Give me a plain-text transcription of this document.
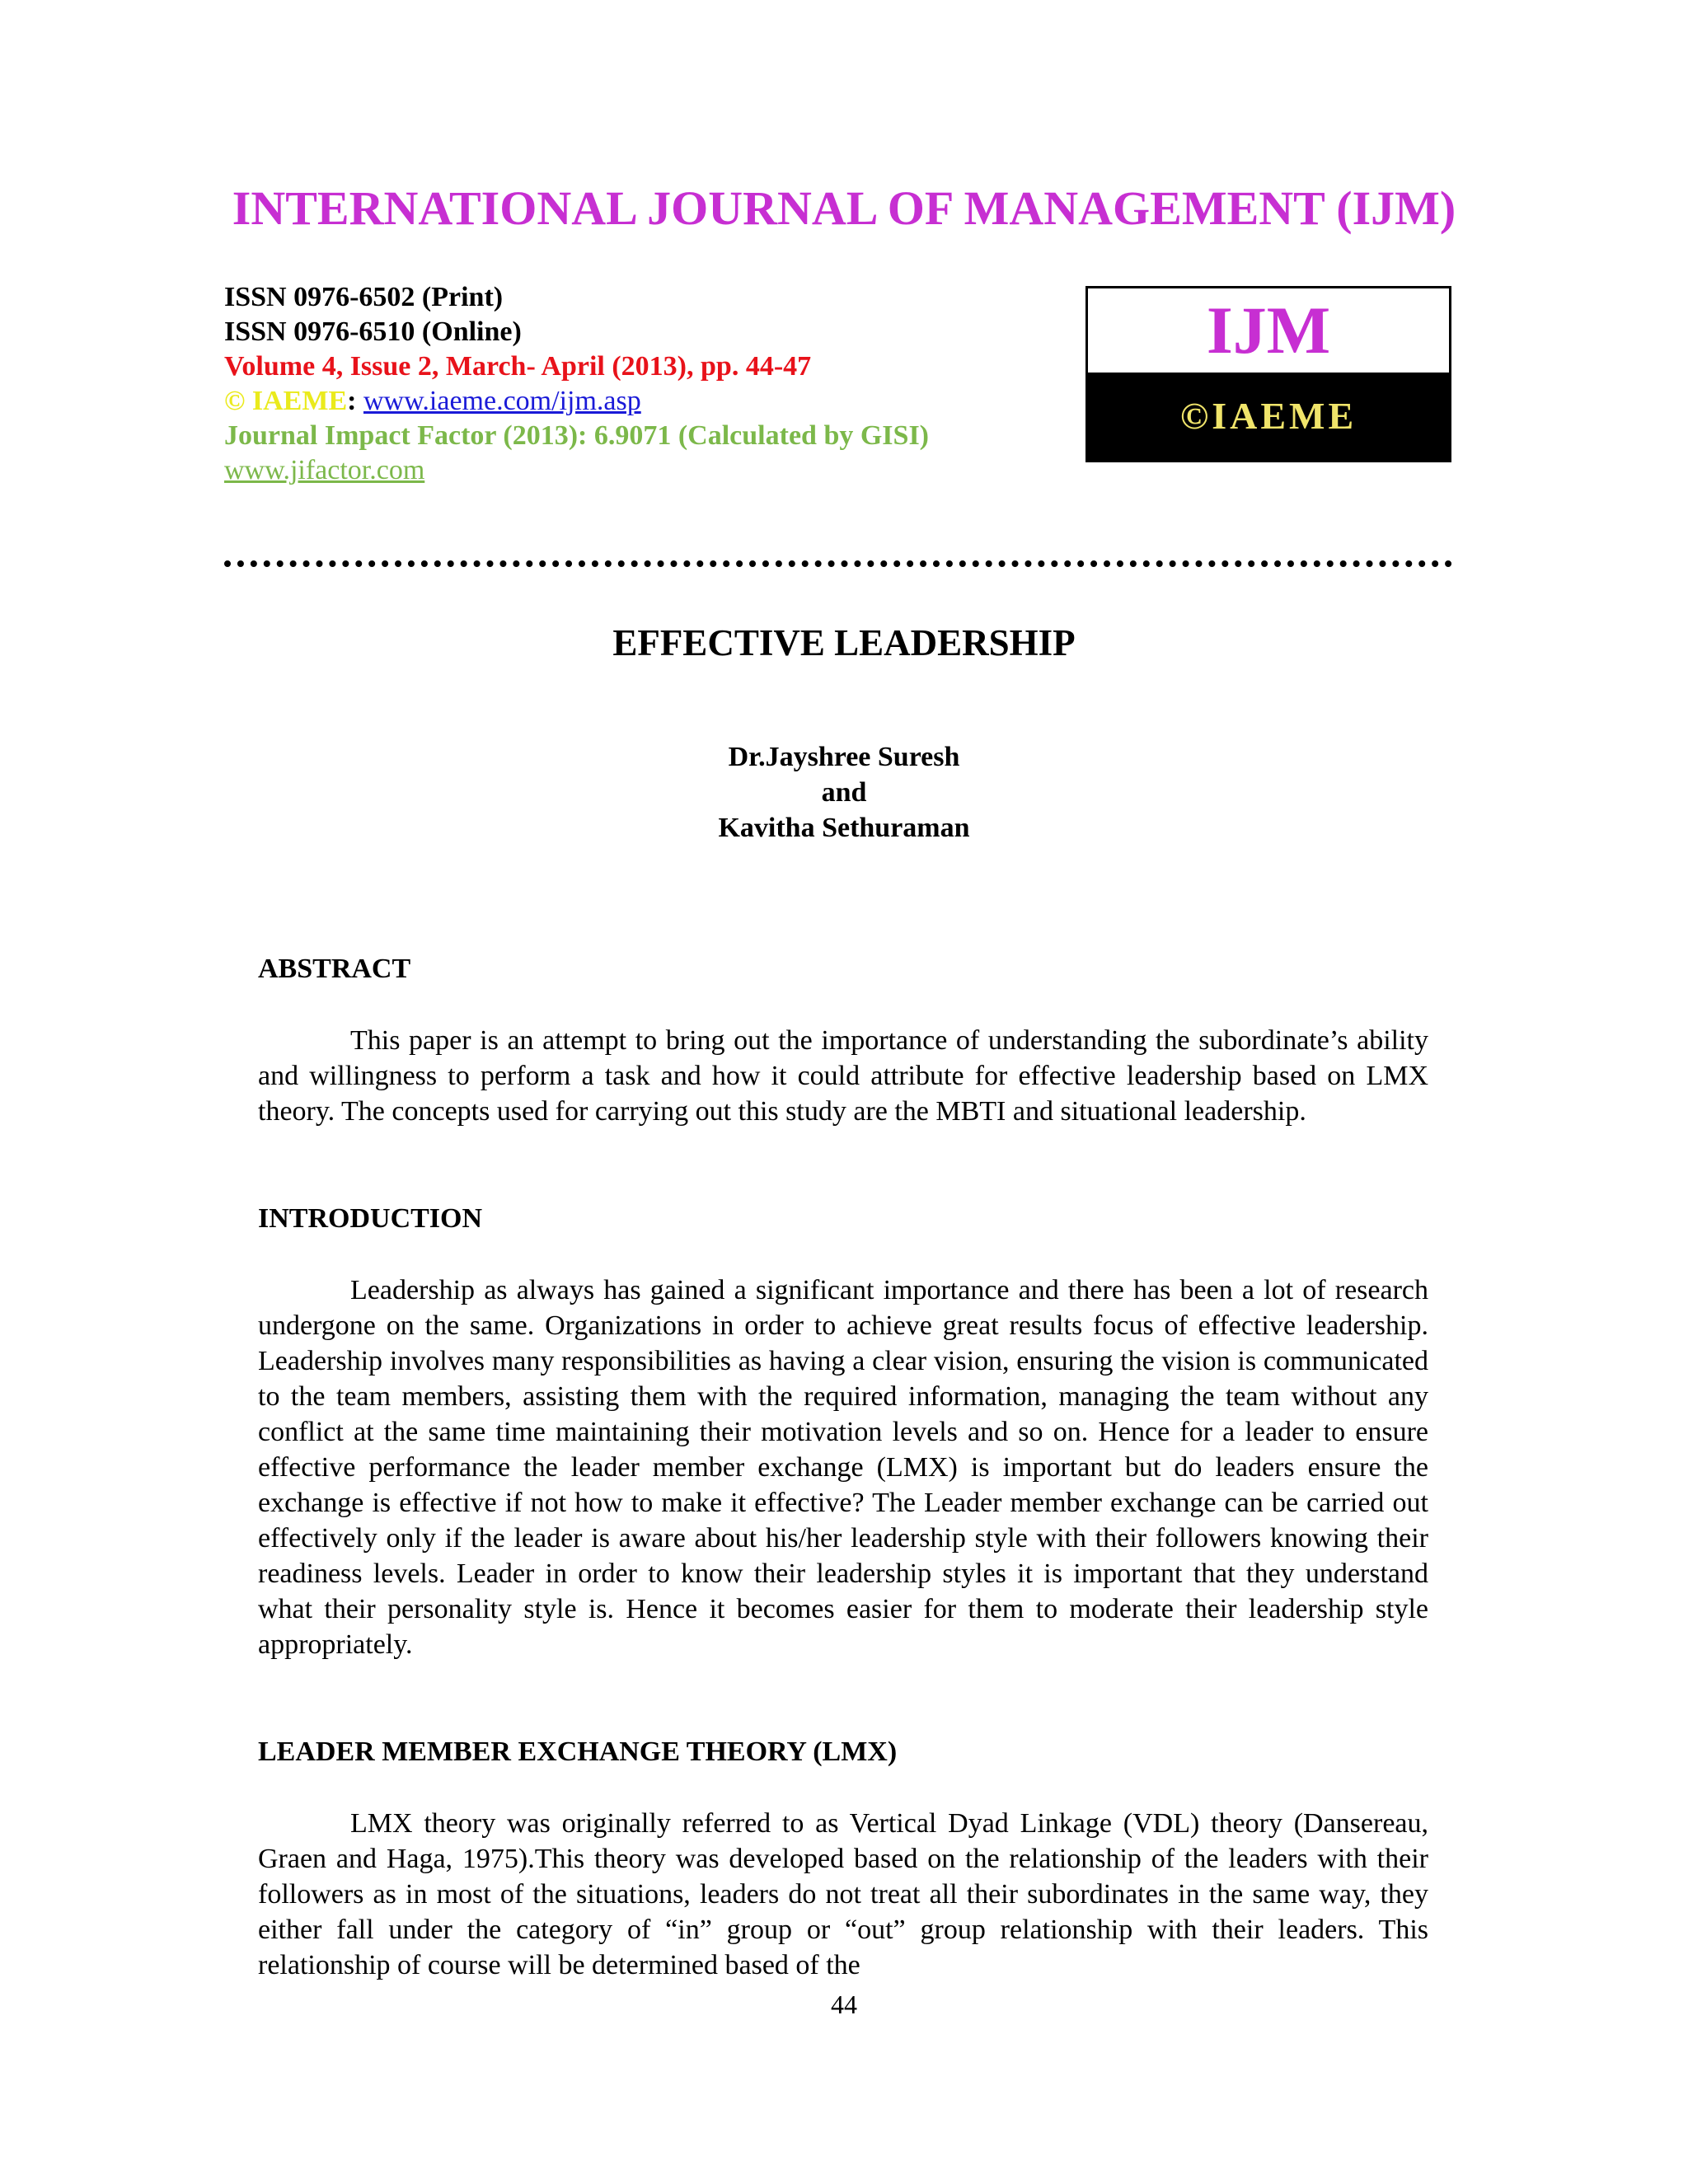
INTERNATIONAL JOURNAL OF MANAGEMENT (IJM)
ISSN 0976-6502 (Print)
ISSN 0976-6510 (Online)
Volume 4, Issue 2, March- April (2013), pp. 44-47
© IAEME: www.iaeme.com/ijm.asp
Journal Impact Factor (2013): 6.9071 (Calculated by GISI)
www.jifactor.com
IJM
©IAEME
EFFECTIVE LEADERSHIP
Dr.Jayshree Suresh
and
Kavitha Sethuraman
ABSTRACT

This paper is an attempt to bring out the importance of understanding the subordinate’s ability and willingness to perform a task and how it could attribute for effective leadership based on LMX theory. The concepts used for carrying out this study are the MBTI and situational leadership.

INTRODUCTION

Leadership as always has gained a significant importance and there has been a lot of research undergone on the same. Organizations in order to achieve great results focus of effective leadership. Leadership involves many responsibilities as having a clear vision, ensuring the vision is communicated to the team members, assisting them with the required information, managing the team without any conflict at the same time maintaining their motivation levels and so on. Hence for a leader to ensure effective performance the leader member exchange (LMX) is important but do leaders ensure the exchange is effective if not how to make it effective? The Leader member exchange can be carried out effectively only if the leader is aware about his/her leadership style with their followers knowing their readiness levels. Leader in order to know their leadership styles it is important that they understand what their personality style is. Hence it becomes easier for them to moderate their leadership style appropriately.

LEADER MEMBER EXCHANGE THEORY (LMX)

LMX theory was originally referred to as Vertical Dyad Linkage (VDL) theory (Dansereau, Graen and Haga, 1975).This theory was developed based on the relationship of the leaders with their followers as in most of the situations, leaders do not treat all their subordinates in the same way, they either fall under the category of “in” group or “out” group relationship with their leaders. This relationship of course will be determined based of the

44
